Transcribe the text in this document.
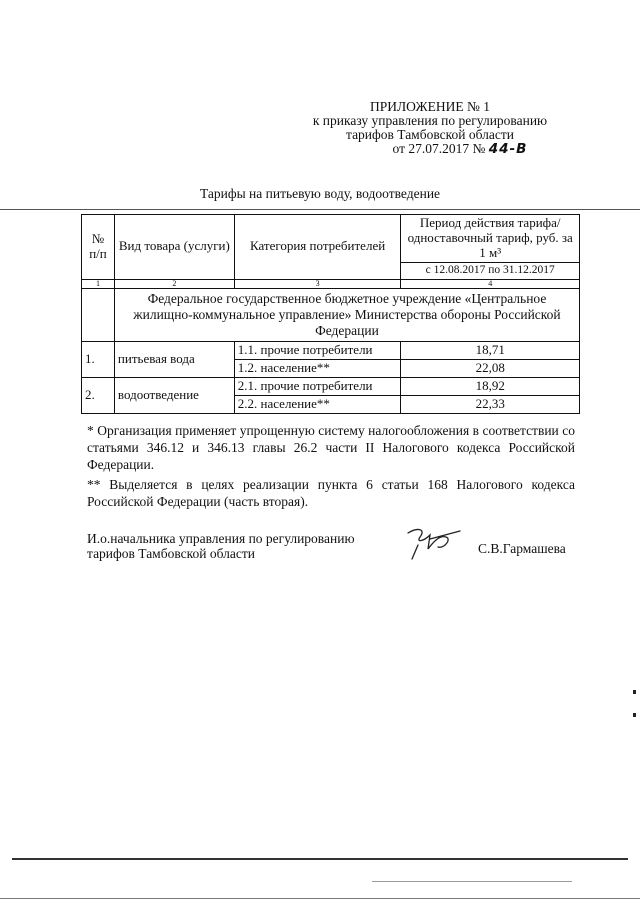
ПРИЛОЖЕНИЕ № 1
к приказу управления по регулированию
тарифов Тамбовской области
от 27.07.2017 № 44-В
Тарифы на питьевую воду, водоотведение
№ п/п	Вид товара (услуги)	Категория потребителей	Период действия тарифа/одноставочный тариф, руб. за 1 м³
			с 12.08.2017 по 31.12.2017
1	2	3	4
	Федеральное государственное бюджетное учреждение «Центральное жилищно-коммунальное управление» Министерства обороны Российской Федерации		
1.	питьевая вода	1.1. прочие потребители	18,71
		1.2. население**	22,08
2.	водоотведение	2.1. прочие потребители	18,92
		2.2. население**	22,33

* Организация применяет упрощенную систему налогообложения в соответствии со статьями 346.12 и 346.13 главы 26.2 части II Налогового кодекса Российской Федерации.

** Выделяется в целях реализации пункта 6 статьи 168 Налогового кодекса Российской Федерации (часть вторая).

И.о.начальника управления по регулированию
тарифов Тамбовской области	С.В.Гармашева
